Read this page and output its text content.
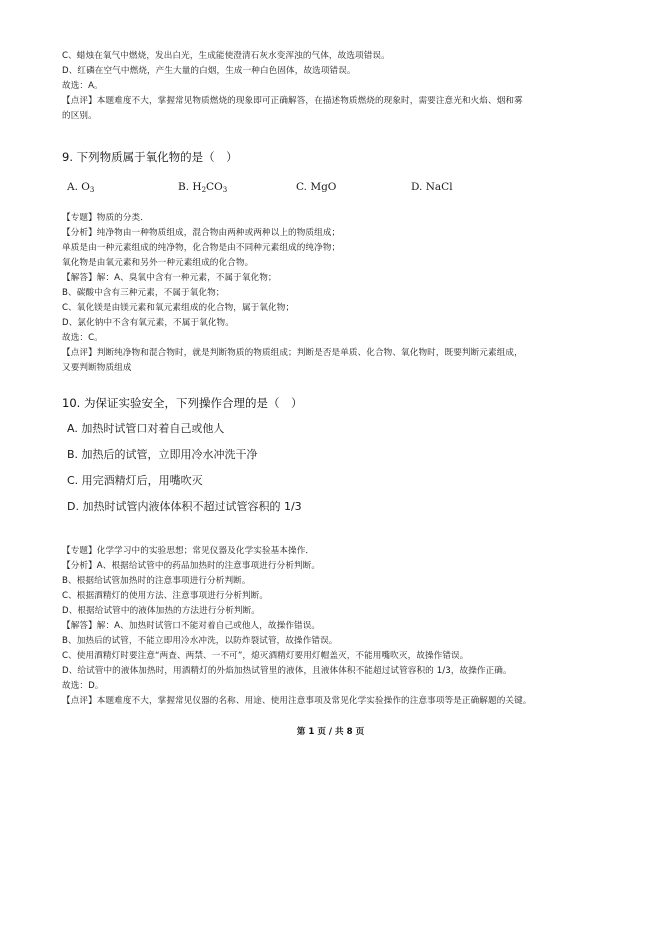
C、蜡烛在氧气中燃烧，发出白光，生成能使澄清石灰水变浑浊的气体，故选项错误。
D、红磷在空气中燃烧，产生大量的白烟，生成一种白色固体，故选项错误。
故选：A。
【点评】本题难度不大，掌握常见物质燃烧的现象即可正确解答，在描述物质燃烧的现象时，需要注意光和火焰、烟和雾
的区别。
9. 下列物质属于氧化物的是（　）
A. $O_3$	B. $H_2CO_3$	C. MgO	D. NaCl
【专题】物质的分类．
【分析】纯净物由一种物质组成，混合物由两种或两种以上的物质组成；
单质是由一种元素组成的纯净物，化合物是由不同种元素组成的纯净物；
氧化物是由氧元素和另外一种元素组成的化合物。
【解答】解：A、臭氧中含有一种元素，不属于氧化物；
B、碳酸中含有三种元素，不属于氧化物；
C、氧化镁是由镁元素和氧元素组成的化合物，属于氧化物；
D、氯化钠中不含有氧元素，不属于氧化物。
故选：C。
【点评】判断纯净物和混合物时，就是判断物质的物质组成；判断是否是单质、化合物、氧化物时，既要判断元素组成，
又要判断物质组成
10. 为保证实验安全，下列操作合理的是（　）
A. 加热时试管口对着自己或他人
B. 加热后的试管，立即用冷水冲洗干净
C. 用完酒精灯后，用嘴吹灭
D. 加热时试管内液体体积不超过试管容积的 1/3
【专题】化学学习中的实验思想；常见仪器及化学实验基本操作．
【分析】A、根据给试管中的药品加热时的注意事项进行分析判断。
B、根据给试管加热时的注意事项进行分析判断。
C、根据酒精灯的使用方法、注意事项进行分析判断。
D、根据给试管中的液体加热的方法进行分析判断。
【解答】解：A、加热时试管口不能对着自己或他人，故操作错误。
B、加热后的试管，不能立即用冷水冲洗，以防炸裂试管，故操作错误。
C、使用酒精灯时要注意“两查、两禁、一不可”，熄灭酒精灯要用灯帽盖灭，不能用嘴吹灭，故操作错误。
D、给试管中的液体加热时，用酒精灯的外焰加热试管里的液体，且液体体积不能超过试管容积的 1/3，故操作正确。
故选：D。
【点评】本题难度不大，掌握常见仪器的名称、用途、使用注意事项及常见化学实验操作的注意事项等是正确解题的关键。
第 1 页 / 共 8 页
